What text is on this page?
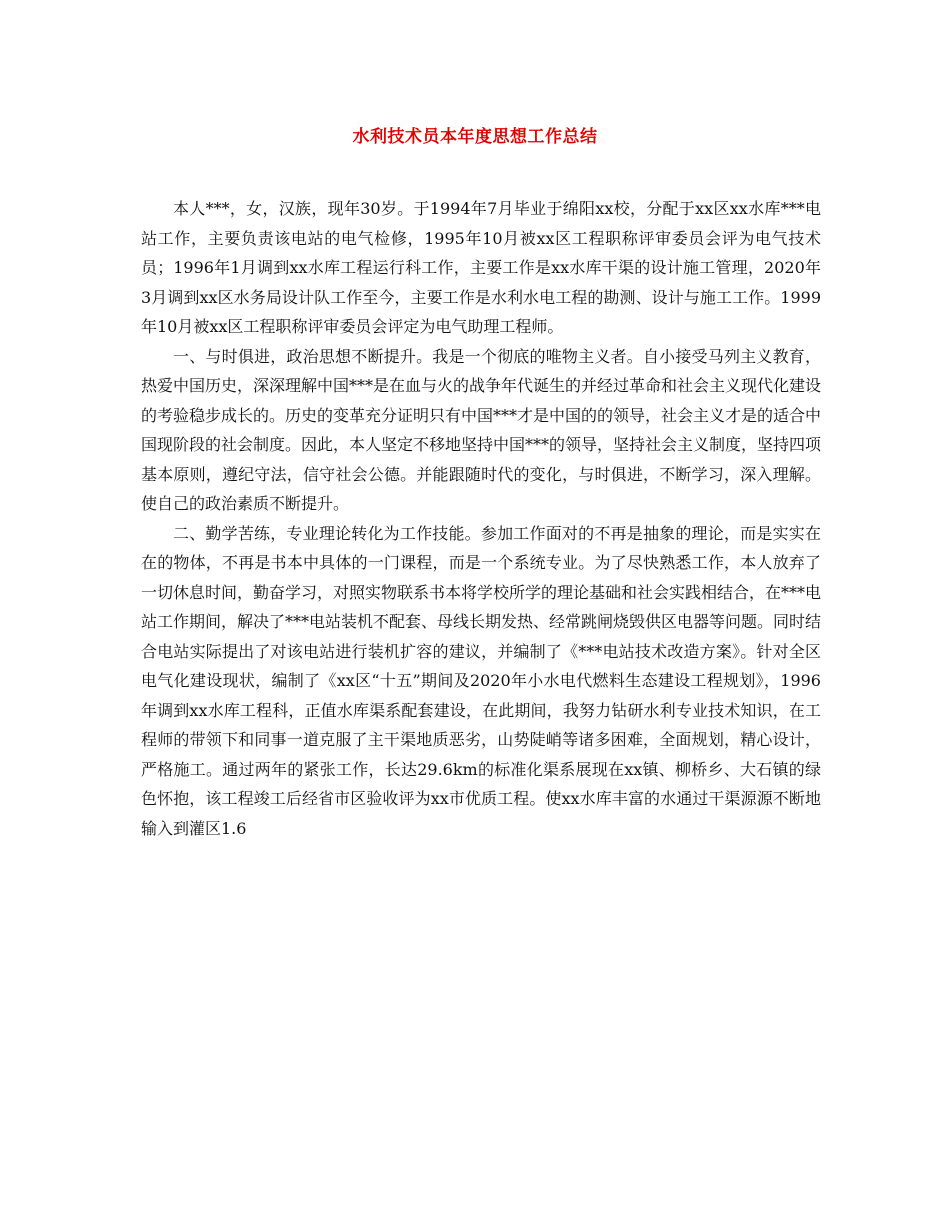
水利技术员本年度思想工作总结

本人***，女，汉族，现年30岁。于1994年7月毕业于绵阳xx校，分配于xx区xx水库***电站工作，主要负责该电站的电气检修，1995年10月被xx区工程职称评审委员会评为电气技术员；1996年1月调到xx水库工程运行科工作，主要工作是xx水库干渠的设计施工管理，2020年3月调到xx区水务局设计队工作至今，主要工作是水利水电工程的勘测、设计与施工工作。1999年10月被xx区工程职称评审委员会评定为电气助理工程师。

一、与时俱进，政治思想不断提升。我是一个彻底的唯物主义者。自小接受马列主义教育，热爱中国历史，深深理解中国***是在血与火的战争年代诞生的并经过革命和社会主义现代化建设的考验稳步成长的。历史的变革充分证明只有中国***才是中国的的领导，社会主义才是的适合中国现阶段的社会制度。因此，本人坚定不移地坚持中国***的领导，坚持社会主义制度，坚持四项基本原则，遵纪守法，信守社会公德。并能跟随时代的变化，与时俱进，不断学习，深入理解。使自己的政治素质不断提升。

二、勤学苦练，专业理论转化为工作技能。参加工作面对的不再是抽象的理论，而是实实在在的物体，不再是书本中具体的一门课程，而是一个系统专业。为了尽快熟悉工作，本人放弃了一切休息时间，勤奋学习，对照实物联系书本将学校所学的理论基础和社会实践相结合，在***电站工作期间，解决了***电站装机不配套、母线长期发热、经常跳闸烧毁供区电器等问题。同时结合电站实际提出了对该电站进行装机扩容的建议，并编制了《***电站技术改造方案》。针对全区电气化建设现状，编制了《xx区“十五”期间及2020年小水电代燃料生态建设工程规划》，1996年调到xx水库工程科，正值水库渠系配套建设，在此期间，我努力钻研水利专业技术知识，在工程师的带领下和同事一道克服了主干渠地质恶劣，山势陡峭等诸多困难，全面规划，精心设计，严格施工。通过两年的紧张工作，长达29.6km的标准化渠系展现在xx镇、柳桥乡、大石镇的绿色怀抱，该工程竣工后经省市区验收评为xx市优质工程。使xx水库丰富的水通过干渠源源不断地输入到灌区1.6
